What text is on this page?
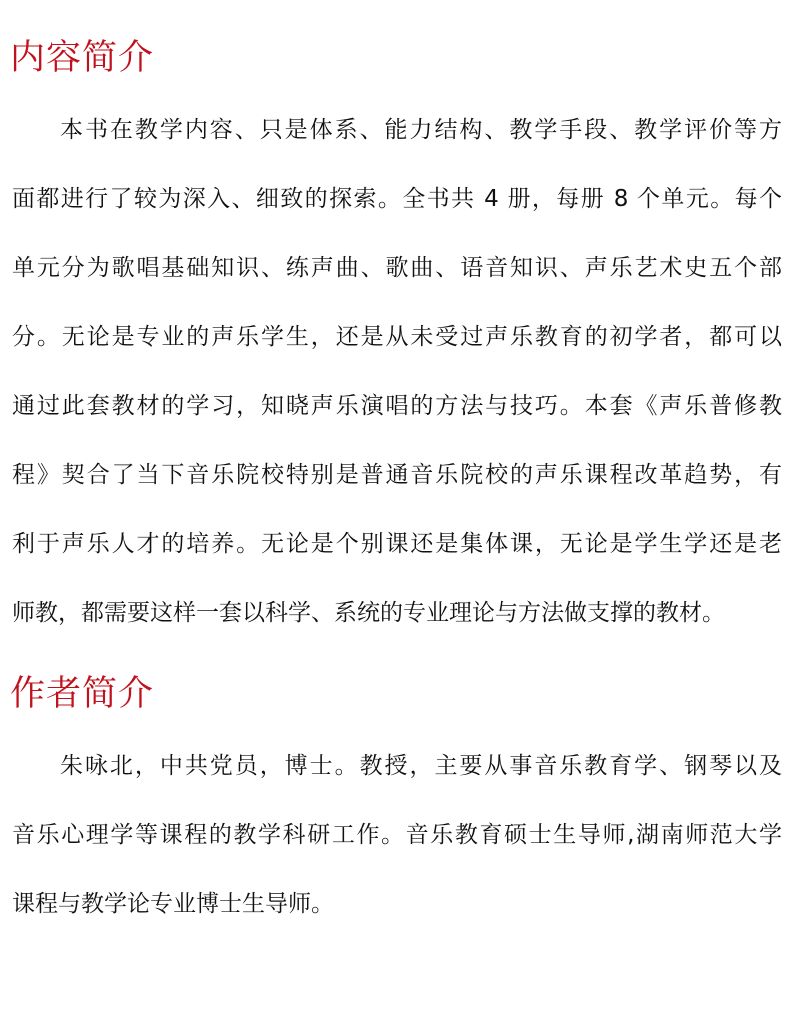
内容简介
本书在教学内容、只是体系、能力结构、教学手段、教学评价等方
面都进行了较为深入、细致的探索。全书共 4 册，每册 8 个单元。每个
单元分为歌唱基础知识、练声曲、歌曲、语音知识、声乐艺术史五个部
分。无论是专业的声乐学生，还是从未受过声乐教育的初学者，都可以
通过此套教材的学习，知晓声乐演唱的方法与技巧。本套《声乐普修教
程》契合了当下音乐院校特别是普通音乐院校的声乐课程改革趋势，有
利于声乐人才的培养。无论是个别课还是集体课，无论是学生学还是老
师教，都需要这样一套以科学、系统的专业理论与方法做支撑的教材。
作者简介
朱咏北，中共党员，博士。教授，主要从事音乐教育学、钢琴以及
音乐心理学等课程的教学科研工作。音乐教育硕士生导师,湖南师范大学
课程与教学论专业博士生导师。
